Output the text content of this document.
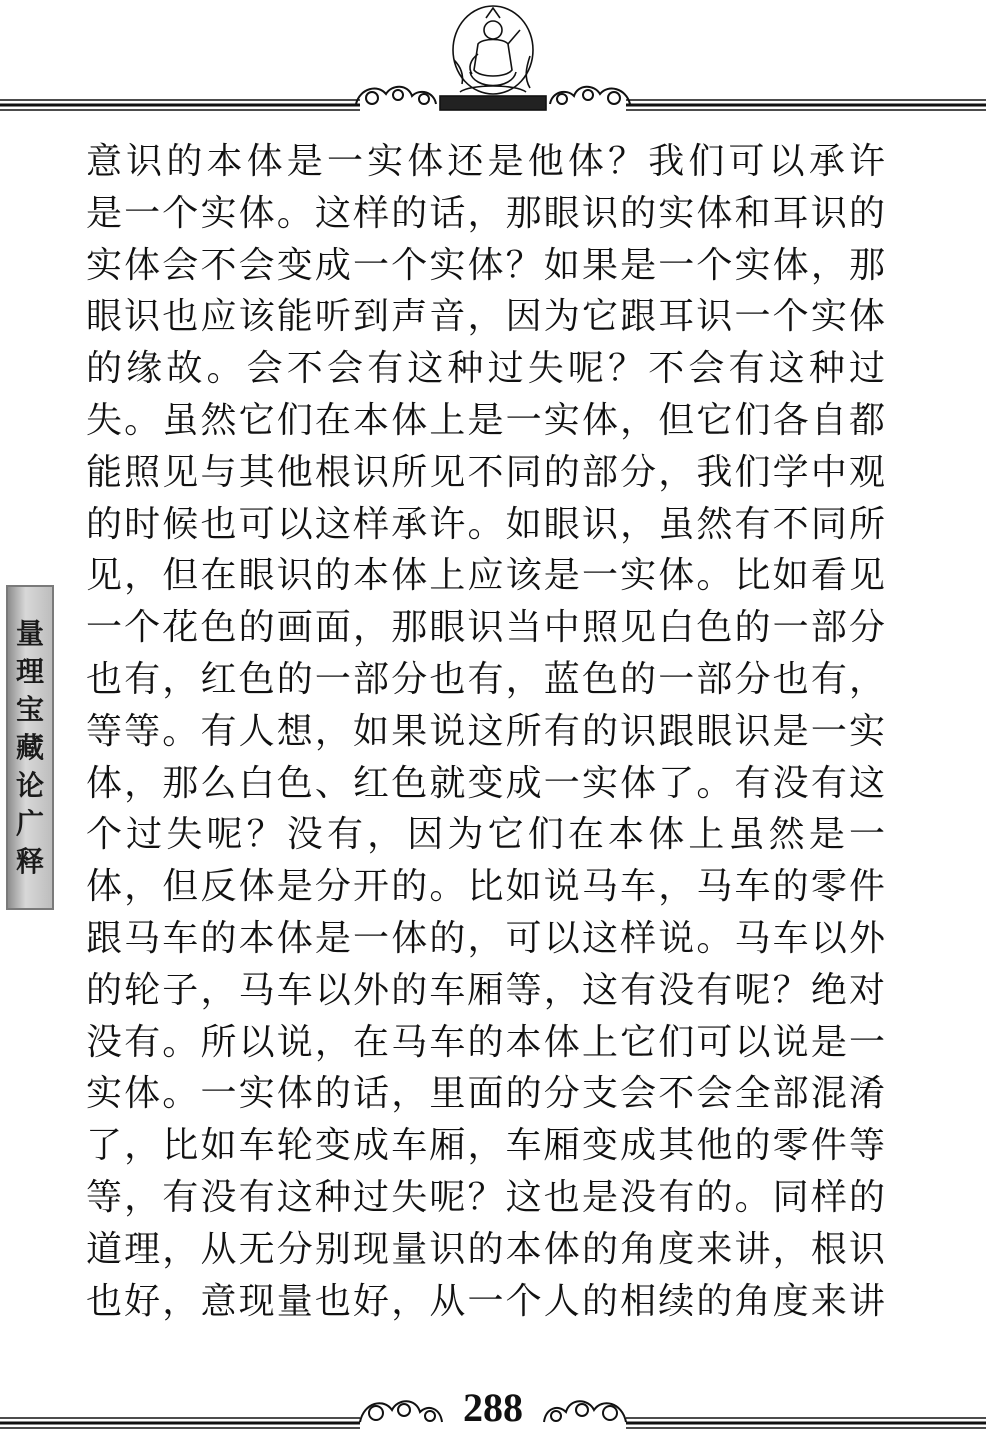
量
理
宝
藏
论
广
释
意识的本体是一实体还是他体？我们可以承许
是一个实体。这样的话，那眼识的实体和耳识的
实体会不会变成一个实体？如果是一个实体，那
眼识也应该能听到声音，因为它跟耳识一个实体
的缘故。会不会有这种过失呢？不会有这种过
失。虽然它们在本体上是一实体，但它们各自都
能照见与其他根识所见不同的部分，我们学中观
的时候也可以这样承许。如眼识，虽然有不同所
见，但在眼识的本体上应该是一实体。比如看见
一个花色的画面，那眼识当中照见白色的一部分
也有，红色的一部分也有，蓝色的一部分也有，
等等。有人想，如果说这所有的识跟眼识是一实
体，那么白色、红色就变成一实体了。有没有这
个过失呢？没有，因为它们在本体上虽然是一
体，但反体是分开的。比如说马车，马车的零件
跟马车的本体是一体的，可以这样说。马车以外
的轮子，马车以外的车厢等，这有没有呢？绝对
没有。所以说，在马车的本体上它们可以说是一
实体。一实体的话，里面的分支会不会全部混淆
了，比如车轮变成车厢，车厢变成其他的零件等
等，有没有这种过失呢？这也是没有的。同样的
道理，从无分别现量识的本体的角度来讲，根识
也好，意现量也好，从一个人的相续的角度来讲
288
